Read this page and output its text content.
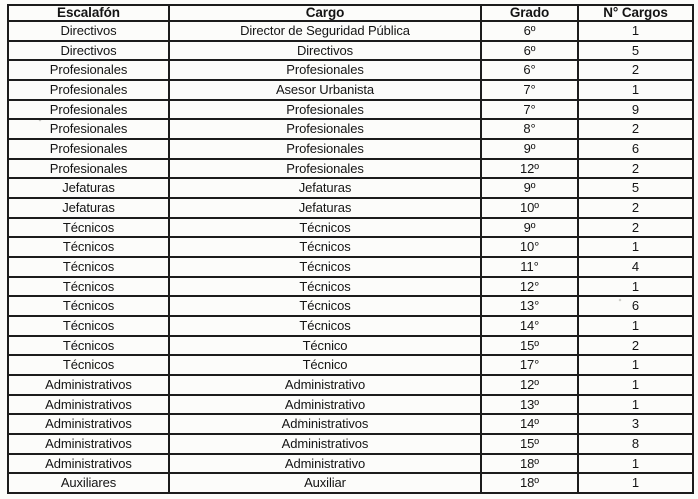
Escalafón	Cargo	Grado	N° Cargos
Directivos	Director de Seguridad Pública	6º	1
Directivos	Directivos	6º	5
Profesionales	Profesionales	6°	2
Profesionales	Asesor Urbanista	7°	1
Profesionales	Profesionales	7°	9
Profesionales	Profesionales	8°	2
Profesionales	Profesionales	9º	6
Profesionales	Profesionales	12º	2
Jefaturas	Jefaturas	9º	5
Jefaturas	Jefaturas	10º	2
Técnicos	Técnicos	9º	2
Técnicos	Técnicos	10°	1
Técnicos	Técnicos	11°	4
Técnicos	Técnicos	12°	1
Técnicos	Técnicos	13°	6
Técnicos	Técnicos	14°	1
Técnicos	Técnico	15º	2
Técnicos	Técnico	17°	1
Administrativos	Administrativo	12º	1
Administrativos	Administrativo	13º	1
Administrativos	Administrativos	14º	3
Administrativos	Administrativos	15º	8
Administrativos	Administrativo	18º	1
Auxiliares	Auxiliar	18º	1
